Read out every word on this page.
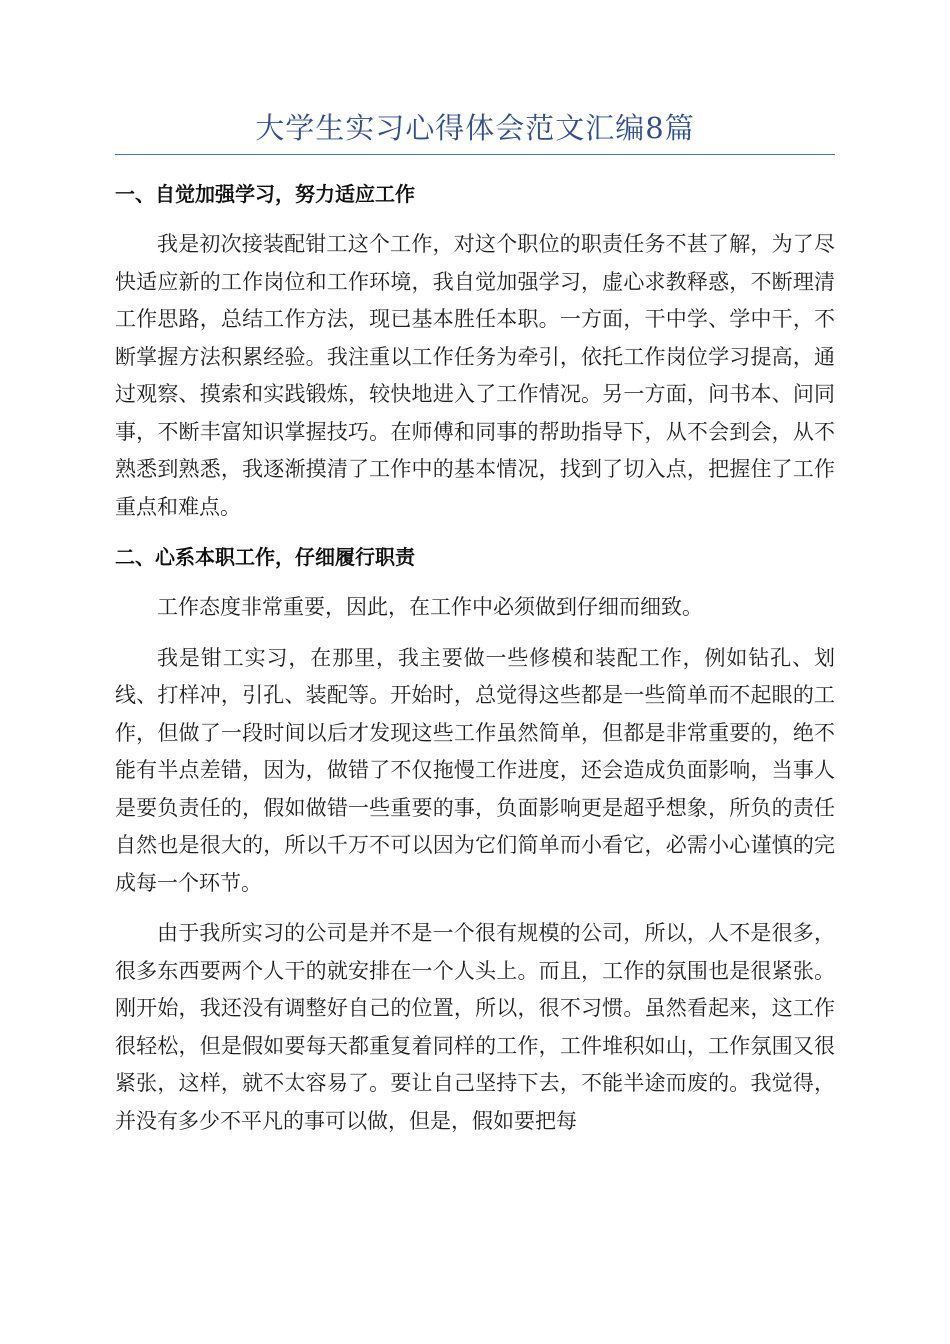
大学生实习心得体会范文汇编8篇
一、自觉加强学习，努力适应工作

我是初次接装配钳工这个工作，对这个职位的职责任务不甚了解，为了尽快适应新的工作岗位和工作环境，我自觉加强学习，虚心求教释惑，不断理清工作思路，总结工作方法，现已基本胜任本职。一方面，干中学、学中干，不断掌握方法积累经验。我注重以工作任务为牵引，依托工作岗位学习提高，通过观察、摸索和实践锻炼，较快地进入了工作情况。另一方面，问书本、问同事，不断丰富知识掌握技巧。在师傅和同事的帮助指导下，从不会到会，从不熟悉到熟悉，我逐渐摸清了工作中的基本情况，找到了切入点，把握住了工作重点和难点。

二、心系本职工作，仔细履行职责

工作态度非常重要，因此，在工作中必须做到仔细而细致。

我是钳工实习，在那里，我主要做一些修模和装配工作，例如钻孔、划线、打样冲，引孔、装配等。开始时，总觉得这些都是一些简单而不起眼的工作，但做了一段时间以后才发现这些工作虽然简单，但都是非常重要的，绝不能有半点差错，因为，做错了不仅拖慢工作进度，还会造成负面影响，当事人是要负责任的，假如做错一些重要的事，负面影响更是超乎想象，所负的责任自然也是很大的，所以千万不可以因为它们简单而小看它，必需小心谨慎的完成每一个环节。

由于我所实习的公司是并不是一个很有规模的公司，所以，人不是很多，很多东西要两个人干的就安排在一个人头上。而且，工作的氛围也是很紧张。刚开始，我还没有调整好自己的位置，所以，很不习惯。虽然看起来，这工作很轻松，但是假如要每天都重复着同样的工作，工件堆积如山，工作氛围又很紧张，这样，就不太容易了。要让自己坚持下去，不能半途而废的。我觉得，并没有多少不平凡的事可以做，但是，假如要把每
